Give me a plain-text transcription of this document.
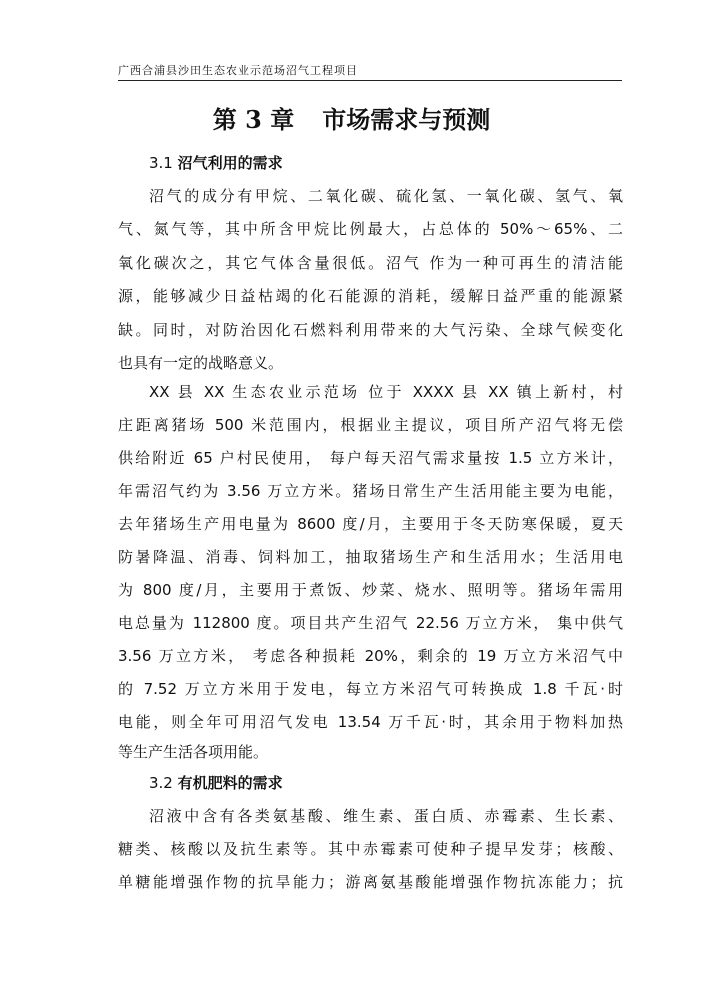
广西合浦县沙田生态农业示范场沼气工程项目
第 3 章 市场需求与预测
3.1 沼气利用的需求
沼气的成分有甲烷、二氧化碳、硫化氢、一氧化碳、氢气、氧
气、氮气等，其中所含甲烷比例最大，占总体的 50%～65%、二
氧化碳次之，其它气体含量很低。沼气 作为一种可再生的清洁能
源，能够减少日益枯竭的化石能源的消耗，缓解日益严重的能源紧
缺。同时，对防治因化石燃料利用带来的大气污染、全球气候变化
也具有一定的战略意义。
XX 县 XX 生态农业示范场 位于 XXXX 县 XX 镇上新村，村
庄距离猪场 500 米范围内，根据业主提议，项目所产沼气将无偿
供给附近 65 户村民使用， 每户每天沼气需求量按 1.5 立方米计，
年需沼气约为 3.56 万立方米。猪场日常生产生活用能主要为电能，
去年猪场生产用电量为 8600 度/月，主要用于冬天防寒保暖，夏天
防暑降温、消毒、饲料加工，抽取猪场生产和生活用水；生活用电
为 800 度/月，主要用于煮饭、炒菜、烧水、照明等。猪场年需用
电总量为 112800 度。项目共产生沼气 22.56 万立方米， 集中供气
3.56 万立方米， 考虑各种损耗 20%，剩余的 19 万立方米沼气中
的 7.52 万立方米用于发电，每立方米沼气可转换成 1.8 千瓦·时
电能，则全年可用沼气发电 13.54 万千瓦·时，其余用于物料加热
等生产生活各项用能。
3.2 有机肥料的需求
沼液中含有各类氨基酸、维生素、蛋白质、赤霉素、生长素、
糖类、核酸以及抗生素等。其中赤霉素可使种子提早发芽；核酸、
单糖能增强作物的抗旱能力；游离氨基酸能增强作物抗冻能力；抗
